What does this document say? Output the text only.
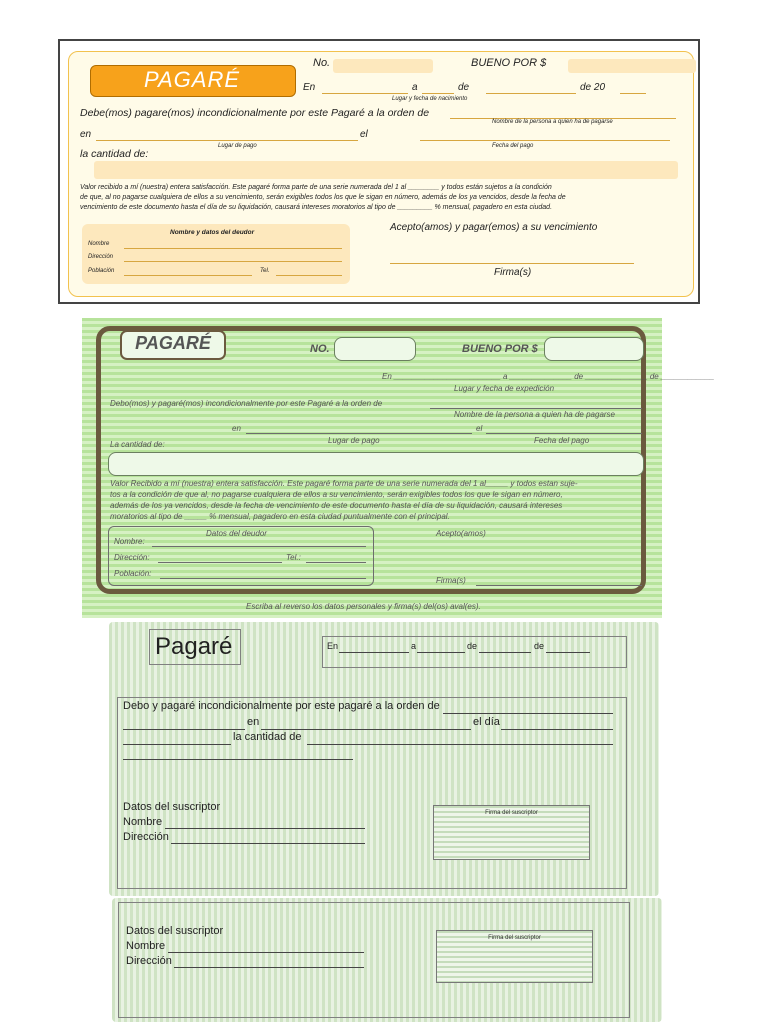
PAGARÉ
No.	BUENO POR $
En	a	de	de 20
Lugar y fecha de nacimiento
Debe(mos) pagare(mos) incondicionalmente por este Pagaré a la orden de
Nombre de la persona a quien ha de pagarse
en	el
Lugar de pago	Fecha del pago
la cantidad de:
Valor recibido a mí (nuestra) entera satisfacción. Este pagaré forma parte de una serie numerada del 1 al ________ y todos están sujetos a la condición
de que, al no pagarse cualquiera de ellos a su vencimiento, serán exigibles todos los que le sigan en número, además de los ya vencidos, desde la fecha de
vencimiento de este documento hasta el día de su liquidación, causará intereses moratorios al tipo de _________ % mensual, pagadero en esta ciudad.
Nombre y datos del deudor
Nombre
Dirección
Población	Tel.
Acepto(amos) y pagar(emos) a su vencimiento
Firma(s)
PAGARÉ	NO.	BUENO POR $
En ________________________ a ______________ de ______________ de ____________
Lugar y fecha de expedición
Debo(mos) y pagaré(mos) incondicionalmente por este Pagaré a la orden de
Nombre de la persona a quien ha de pagarse
en	el
La cantidad de:	Lugar de pago	Fecha del pago
Valor Recibido a mí (nuestra) entera satisfacción. Este pagaré forma parte de una serie numerada del 1 al_____ y todos estan suje-
tos a la condición de que al, no pagarse cualquiera de ellos a su vencimiento, serán exigibles todos los que le sigan en número,
además de los ya vencidos, desde la fecha de vencimiento de este documento hasta el día de su liquidación, causará intereses
moratorios al tipo de _____ % mensual, pagadero en esta ciudad puntualmente con el principal.
Datos del deudor
Nombre:
Dirección:	Tel.:
Población:
Acepto(amos)
Firma(s)
Escriba al reverso los datos personales y firma(s) del(os) aval(es).
Pagaré	En	a	de	de
Debo y pagaré incondicionalmente por este pagaré a la orden de
en	el día
la cantidad de
Datos del suscriptor
Nombre
Dirección
Firma del suscriptor
Datos del suscriptor
Nombre
Dirección
Firma del suscriptor
